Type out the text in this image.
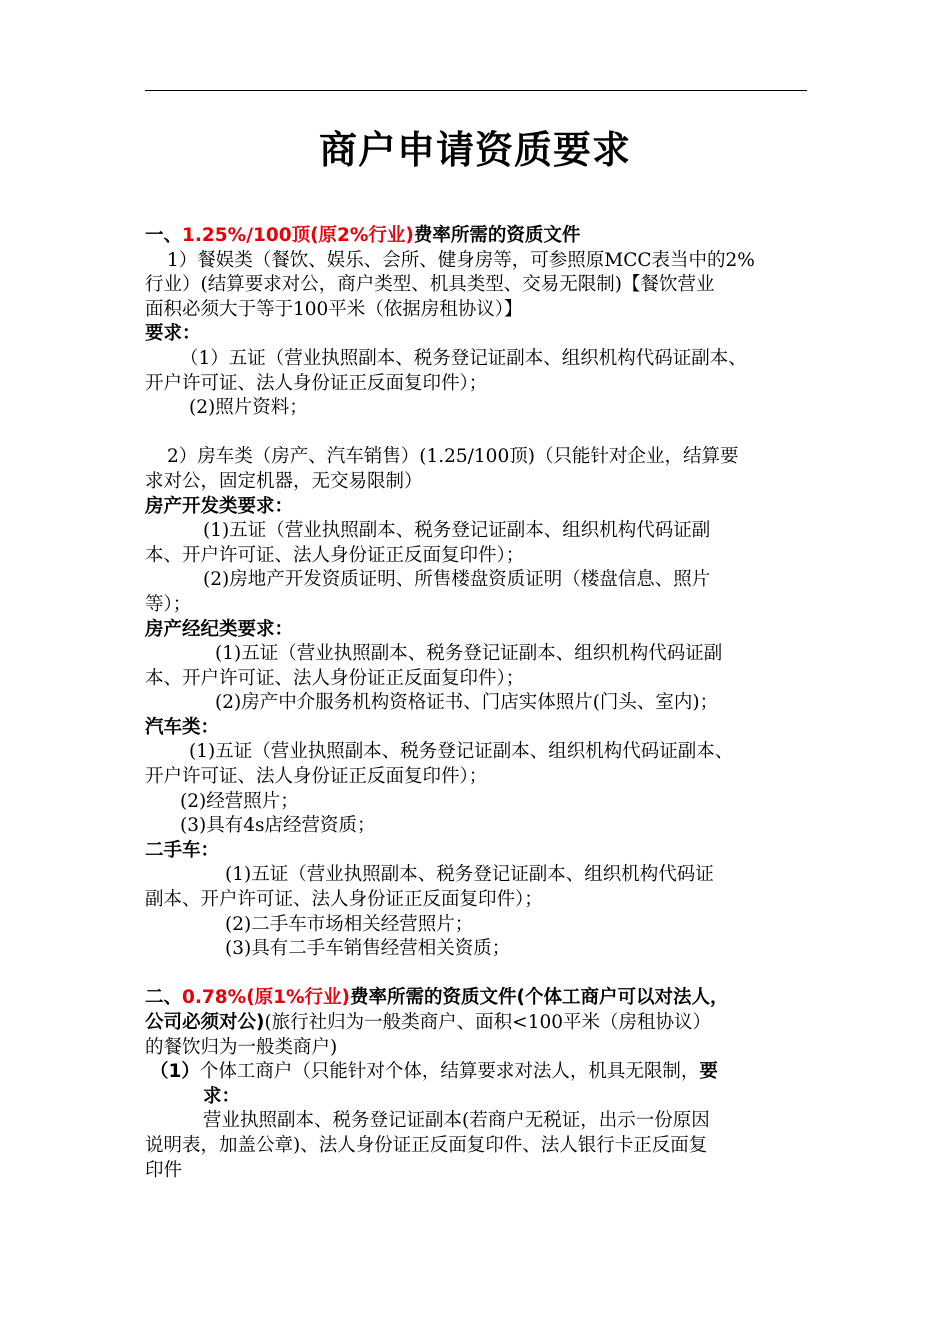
商户申请资质要求
一、1.25%/100顶(原2%行业)费率所需的资质文件
1）餐娱类（餐饮、娱乐、会所、健身房等，可参照原MCC表当中的2%
行业）(结算要求对公，商户类型、机具类型、交易无限制)【餐饮营业
面积必须大于等于100平米（依据房租协议）】
要求：
（1）五证（营业执照副本、税务登记证副本、组织机构代码证副本、
开户许可证、法人身份证正反面复印件）；
(2)照片资料；
2）房车类（房产、汽车销售）(1.25/100顶)（只能针对企业，结算要
求对公，固定机器，无交易限制）
房产开发类要求：
(1)五证（营业执照副本、税务登记证副本、组织机构代码证副
本、开户许可证、法人身份证正反面复印件）；
(2)房地产开发资质证明、所售楼盘资质证明（楼盘信息、照片
等）；
房产经纪类要求：
(1)五证（营业执照副本、税务登记证副本、组织机构代码证副
本、开户许可证、法人身份证正反面复印件）；
(2)房产中介服务机构资格证书、门店实体照片(门头、室内)；
汽车类：
(1)五证（营业执照副本、税务登记证副本、组织机构代码证副本、
开户许可证、法人身份证正反面复印件）；
(2)经营照片；
(3)具有4s店经营资质；
二手车：
(1)五证（营业执照副本、税务登记证副本、组织机构代码证
副本、开户许可证、法人身份证正反面复印件）；
(2)二手车市场相关经营照片；
(3)具有二手车销售经营相关资质；
二、0.78%(原1%行业)费率所需的资质文件(个体工商户可以对法人，
公司必须对公)(旅行社归为一般类商户、面积<100平米（房租协议）
的餐饮归为一般类商户)
（1）个体工商户（只能针对个体，结算要求对法人，机具无限制，要
求：
营业执照副本、税务登记证副本(若商户无税证，出示一份原因
说明表，加盖公章)、法人身份证正反面复印件、法人银行卡正反面复
印件
